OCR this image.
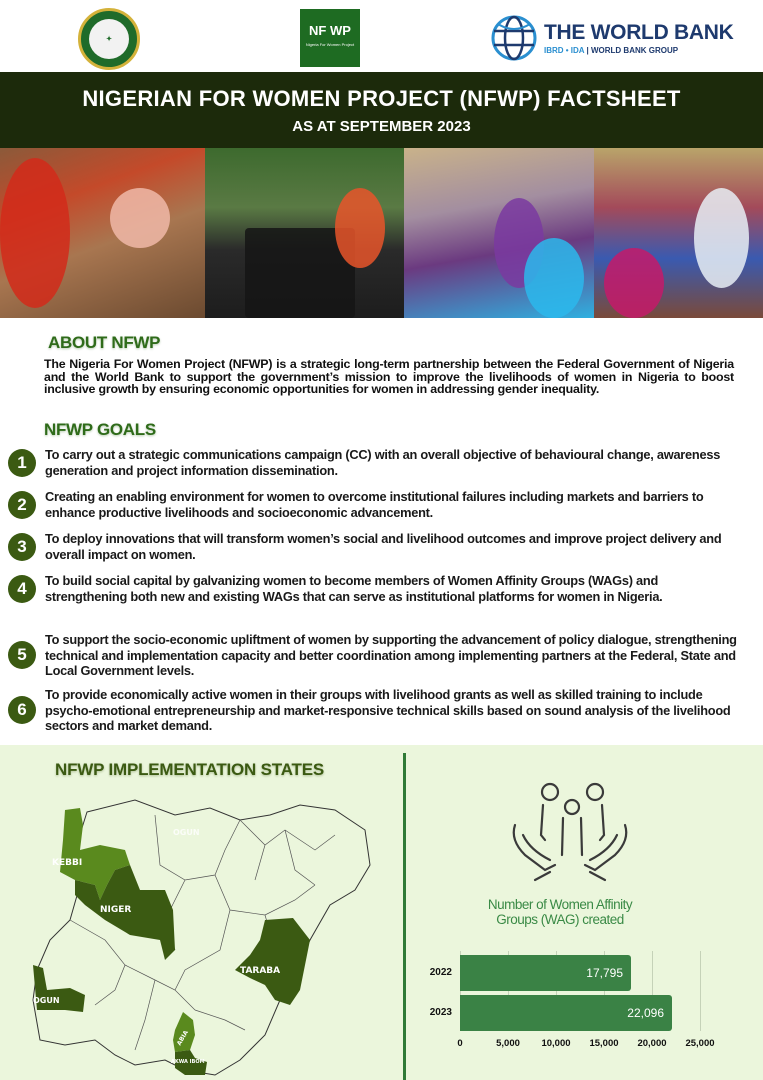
✦
NF WP
Nigeria For Women Project
THE WORLD BANK
IBRD • IDA | WORLD BANK GROUP
NIGERIAN FOR WOMEN PROJECT (NFWP) FACTSHEET
AS AT SEPTEMBER 2023
ABOUT NFWP
The Nigeria For Women Project (NFWP) is a strategic long-term partnership between the Federal Government of Nigeria and the World Bank to support the government’s mission to improve the livelihoods of women in Nigeria to boost inclusive growth by ensuring economic opportunities for women in addressing gender inequality.
NFWP GOALS
1	To carry out a strategic communications campaign (CC) with an overall objective of behavioural change, awareness generation and project information dissemination.
2	Creating an enabling environment for women to overcome institutional failures including markets and barriers to enhance productive livelihoods and socioeconomic advancement.
3	To deploy innovations that will transform women’s social and livelihood outcomes and improve project delivery and overall impact on women.
4	To build social capital by galvanizing women to become members of Women Affinity Groups (WAGs) and strengthening both new and existing WAGs that can serve as institutional platforms for women in Nigeria.
5
To support the socio-economic upliftment of women by supporting the advancement of policy dialogue, strengthening technical and implementation capacity and better coordination among implementing partners at the Federal, State and Local Government levels.
6
To provide economically active women in their groups with livelihood grants as well as skilled training to include psycho-emotional entrepreneurship and market-responsive technical skills based on sound analysis of the livelihood sectors and market demand.
NFWP IMPLEMENTATION STATES
KEBBI
NIGER
TARABA
OGUN
ABIA
AKWA IBOM
OGUN
Number of Women Affinity
Groups (WAG) created
2022	17,795
2023	22,096
0	5,000 10,000 15,000 20,000 25,000
